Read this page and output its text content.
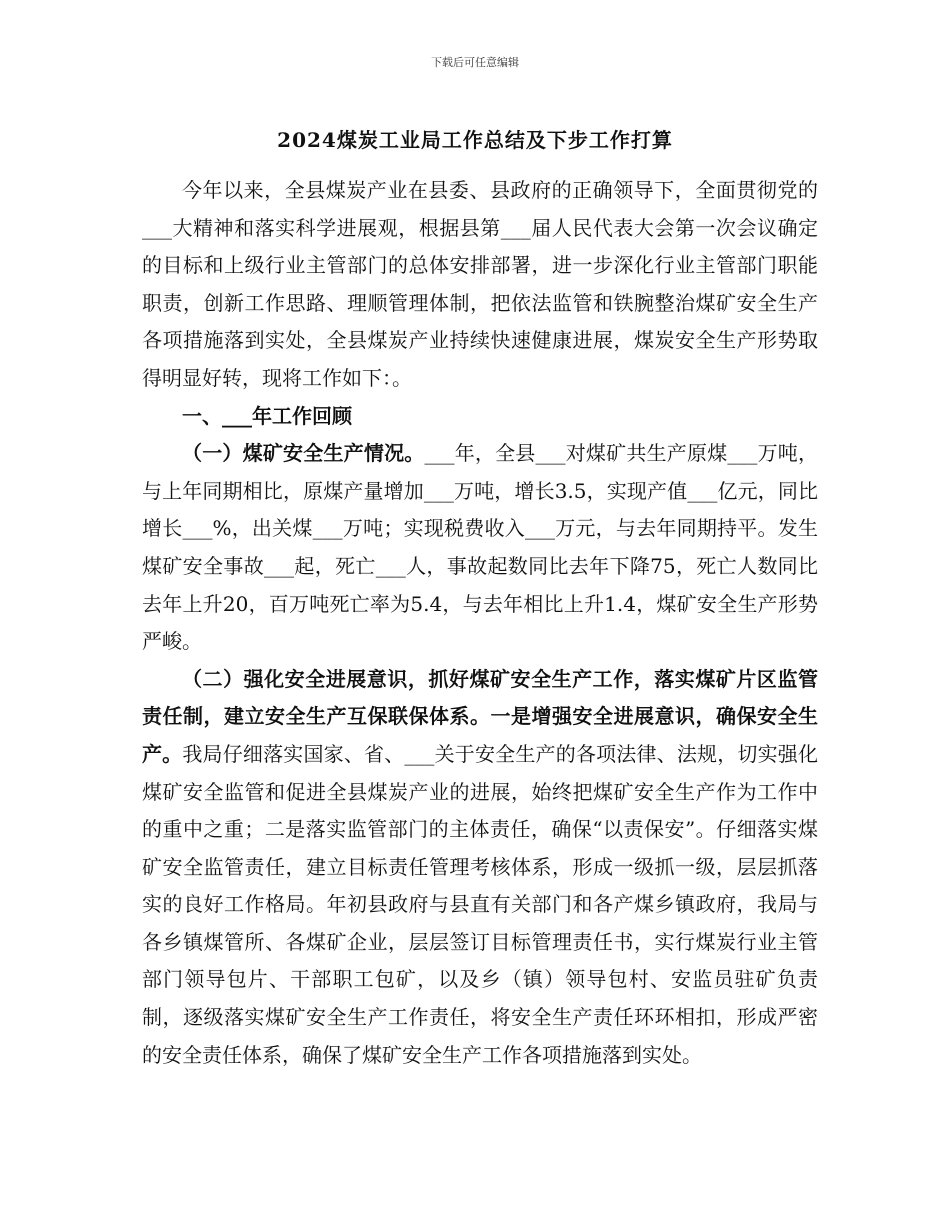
下载后可任意编辑
2024煤炭工业局工作总结及下步工作打算

今年以来，全县煤炭产业在县委、县政府的正确领导下，全面贯彻党的___大精神和落实科学进展观，根据县第___届人民代表大会第一次会议确定的目标和上级行业主管部门的总体安排部署，进一步深化行业主管部门职能职责，创新工作思路、理顺管理体制，把依法监管和铁腕整治煤矿安全生产各项措施落到实处，全县煤炭产业持续快速健康进展，煤炭安全生产形势取得明显好转，现将工作如下：。

一、___年工作回顾

（一）煤矿安全生产情况。___年，全县___对煤矿共生产原煤___万吨，与上年同期相比，原煤产量增加___万吨，增长3.5，实现产值___亿元，同比增长___%，出关煤___万吨；实现税费收入___万元，与去年同期持平。发生煤矿安全事故___起，死亡___人，事故起数同比去年下降75，死亡人数同比去年上升20，百万吨死亡率为5.4，与去年相比上升1.4，煤矿安全生产形势严峻。

（二）强化安全进展意识，抓好煤矿安全生产工作，落实煤矿片区监管责任制，建立安全生产互保联保体系。一是增强安全进展意识，确保安全生产。我局仔细落实国家、省、___关于安全生产的各项法律、法规，切实强化煤矿安全监管和促进全县煤炭产业的进展，始终把煤矿安全生产作为工作中的重中之重；二是落实监管部门的主体责任，确保“以责保安”。仔细落实煤矿安全监管责任，建立目标责任管理考核体系，形成一级抓一级，层层抓落实的良好工作格局。年初县政府与县直有关部门和各产煤乡镇政府，我局与各乡镇煤管所、各煤矿企业，层层签订目标管理责任书，实行煤炭行业主管部门领导包片、干部职工包矿，以及乡（镇）领导包村、安监员驻矿负责制，逐级落实煤矿安全生产工作责任，将安全生产责任环环相扣，形成严密的安全责任体系，确保了煤矿安全生产工作各项措施落到实处。
